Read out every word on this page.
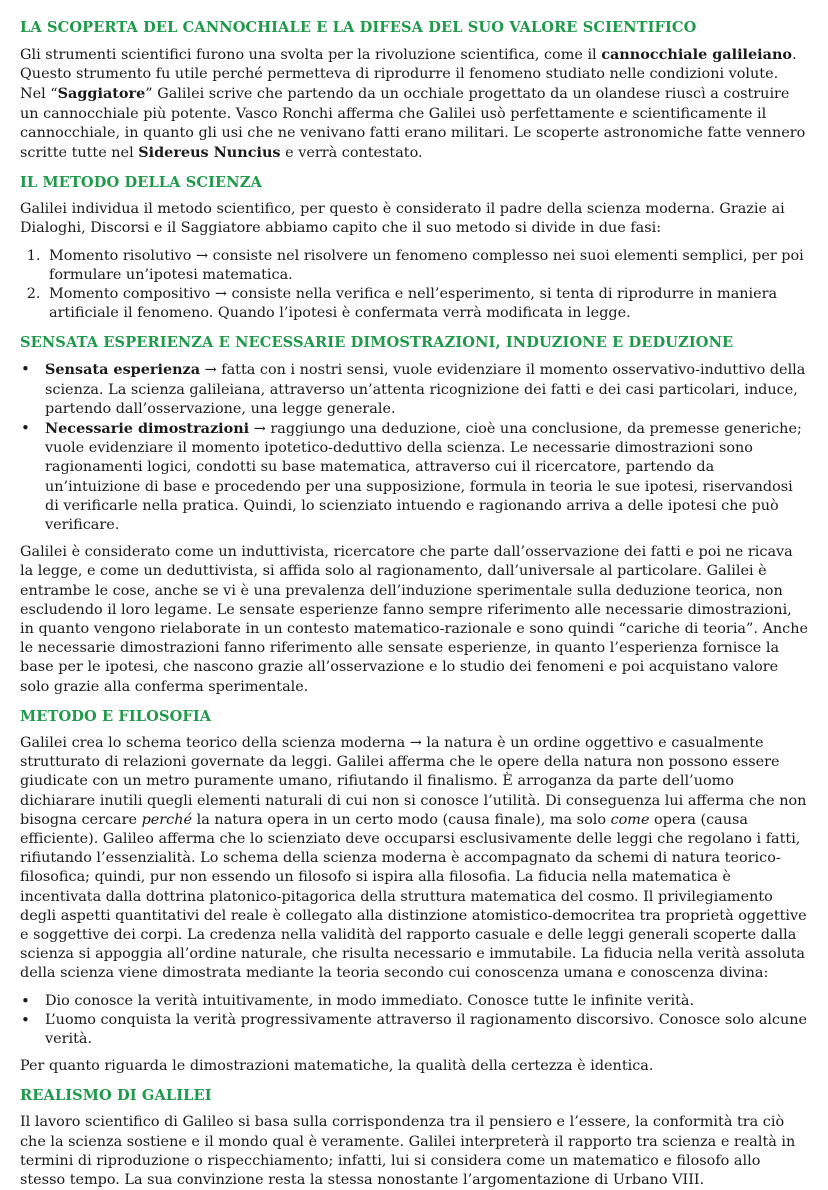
LA SCOPERTA DEL CANNOCHIALE E LA DIFESA DEL SUO VALORE SCIENTIFICO

Gli strumenti scientifici furono una svolta per la rivoluzione scientifica, come il cannocchiale galileiano. Questo strumento fu utile perché permetteva di riprodurre il fenomeno studiato nelle condizioni volute. Nel “Saggiatore” Galilei scrive che partendo da un occhiale progettato da un olandese riuscì a costruire un cannocchiale più potente. Vasco Ronchi afferma che Galilei usò perfettamente e scientificamente il cannocchiale, in quanto gli usi che ne venivano fatti erano militari. Le scoperte astronomiche fatte vennero scritte tutte nel Sidereus Nuncius e verrà contestato.

IL METODO DELLA SCIENZA

Galilei individua il metodo scientifico, per questo è considerato il padre della scienza moderna. Grazie ai Dialoghi, Discorsi e il Saggiatore abbiamo capito che il suo metodo si divide in due fasi:

1. Momento risolutivo → consiste nel risolvere un fenomeno complesso nei suoi elementi semplici, per poi formulare un’ipotesi matematica.
2. Momento compositivo → consiste nella verifica e nell’esperimento, si tenta di riprodurre in maniera artificiale il fenomeno. Quando l’ipotesi è confermata verrà modificata in legge.
SENSATA ESPERIENZA E NECESSARIE DIMOSTRAZIONI, INDUZIONE E DEDUZIONE
• Sensata esperienza → fatta con i nostri sensi, vuole evidenziare il momento osservativo-induttivo della scienza. La scienza galileiana, attraverso un’attenta ricognizione dei fatti e dei casi particolari, induce, partendo dall’osservazione, una legge generale.
• Necessarie dimostrazioni → raggiungo una deduzione, cioè una conclusione, da premesse generiche; vuole evidenziare il momento ipotetico-deduttivo della scienza. Le necessarie dimostrazioni sono ragionamenti logici, condotti su base matematica, attraverso cui il ricercatore, partendo da un’intuizione di base e procedendo per una supposizione, formula in teoria le sue ipotesi, riservandosi di verificarle nella pratica. Quindi, lo scienziato intuendo e ragionando arriva a delle ipotesi che può verificare.

Galilei è considerato come un induttivista, ricercatore che parte dall’osservazione dei fatti e poi ne ricava la legge, e come un deduttivista, si affida solo al ragionamento, dall’universale al particolare. Galilei è entrambe le cose, anche se vi è una prevalenza dell’induzione sperimentale sulla deduzione teorica, non escludendo il loro legame. Le sensate esperienze fanno sempre riferimento alle necessarie dimostrazioni, in quanto vengono rielaborate in un contesto matematico-razionale e sono quindi “cariche di teoria”. Anche le necessarie dimostrazioni fanno riferimento alle sensate esperienze, in quanto l’esperienza fornisce la base per le ipotesi, che nascono grazie all’osservazione e lo studio dei fenomeni e poi acquistano valore solo grazie alla conferma sperimentale.

METODO E FILOSOFIA

Galilei crea lo schema teorico della scienza moderna → la natura è un ordine oggettivo e casualmente strutturato di relazioni governate da leggi. Galilei afferma che le opere della natura non possono essere giudicate con un metro puramente umano, rifiutando il finalismo. È arroganza da parte dell’uomo dichiarare inutili quegli elementi naturali di cui non si conosce l’utilità. Di conseguenza lui afferma che non bisogna cercare perché la natura opera in un certo modo (causa finale), ma solo come opera (causa efficiente). Galileo afferma che lo scienziato deve occuparsi esclusivamente delle leggi che regolano i fatti, rifiutando l’essenzialità. Lo schema della scienza moderna è accompagnato da schemi di natura teorico-filosofica; quindi, pur non essendo un filosofo si ispira alla filosofia. La fiducia nella matematica è incentivata dalla dottrina platonico-pitagorica della struttura matematica del cosmo. Il privilegiamento degli aspetti quantitativi del reale è collegato alla distinzione atomistico-democritea tra proprietà oggettive e soggettive dei corpi. La credenza nella validità del rapporto casuale e delle leggi generali scoperte dalla scienza si appoggia all’ordine naturale, che risulta necessario e immutabile. La fiducia nella verità assoluta della scienza viene dimostrata mediante la teoria secondo cui conoscenza umana e conoscenza divina:

• Dio conosce la verità intuitivamente, in modo immediato. Conosce tutte le infinite verità.
• L’uomo conquista la verità progressivamente attraverso il ragionamento discorsivo. Conosce solo alcune verità.

Per quanto riguarda le dimostrazioni matematiche, la qualità della certezza è identica.

REALISMO DI GALILEI

Il lavoro scientifico di Galileo si basa sulla corrispondenza tra il pensiero e l’essere, la conformità tra ciò che la scienza sostiene e il mondo qual è veramente. Galilei interpreterà il rapporto tra scienza e realtà in termini di riproduzione o rispecchiamento; infatti, lui si considera come un matematico e filosofo allo stesso tempo. La sua convinzione resta la stessa nonostante l’argomentazione di Urbano VIII.
